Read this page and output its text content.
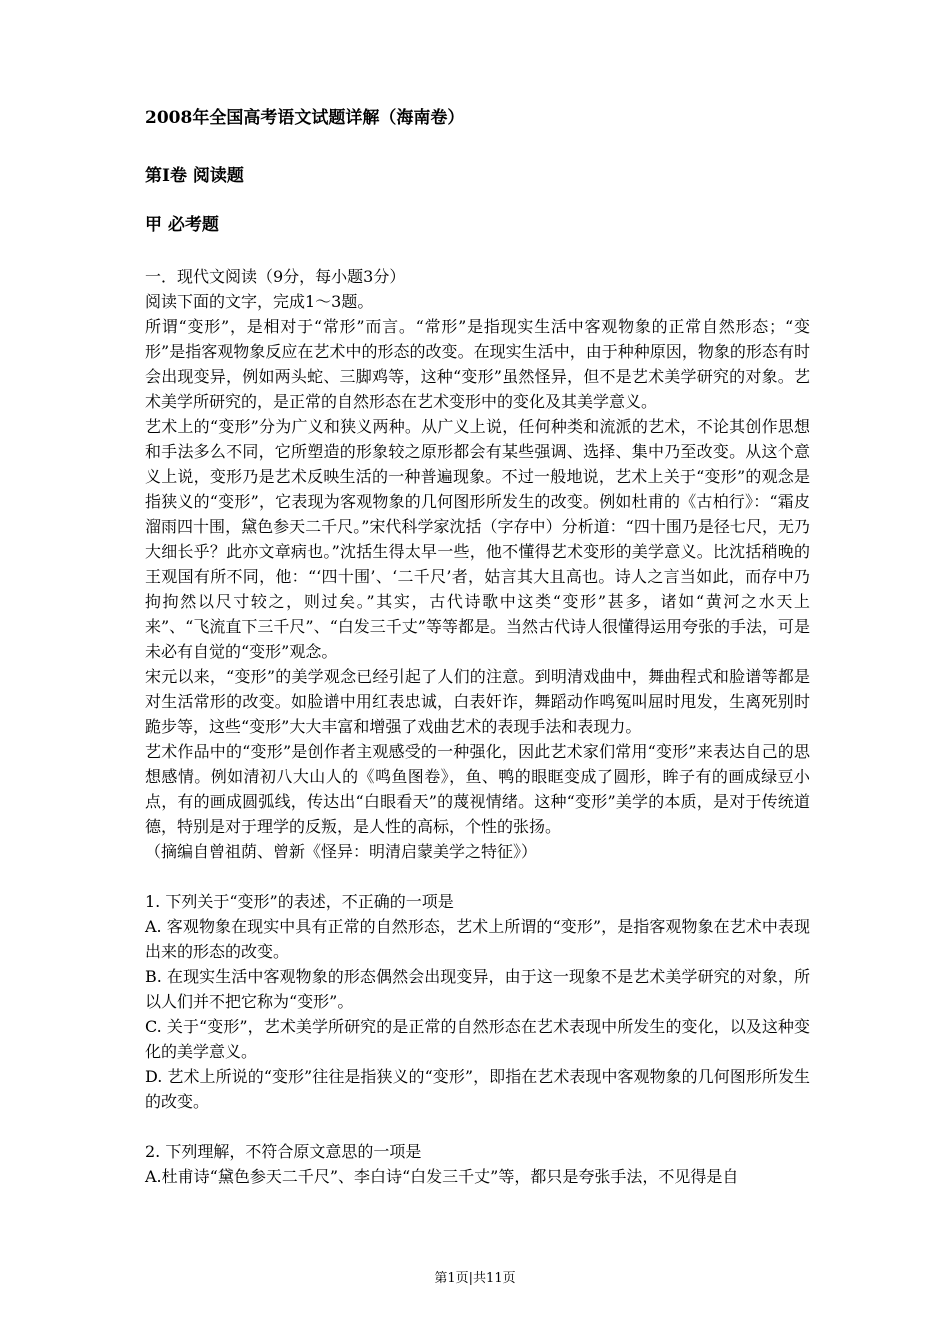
2008年全国高考语文试题详解（海南卷）
第Ⅰ卷 阅读题
甲 必考题

一．现代文阅读（9分，每小题3分）

阅读下面的文字，完成1～3题。

所谓“变形”，是相对于“常形”而言。“常形”是指现实生活中客观物象的正常自然形态；“变形”是指客观物象反应在艺术中的形态的改变。在现实生活中，由于种种原因，物象的形态有时会出现变异，例如两头蛇、三脚鸡等，这种“变形”虽然怪异，但不是艺术美学研究的对象。艺术美学所研究的，是正常的自然形态在艺术变形中的变化及其美学意义。

艺术上的“变形”分为广义和狭义两种。从广义上说，任何种类和流派的艺术，不论其创作思想和手法多么不同，它所塑造的形象较之原形都会有某些强调、选择、集中乃至改变。从这个意义上说，变形乃是艺术反映生活的一种普遍现象。不过一般地说，艺术上关于“变形”的观念是指狭义的“变形”，它表现为客观物象的几何图形所发生的改变。例如杜甫的《古柏行》：“霜皮溜雨四十围，黛色参天二千尺。”宋代科学家沈括（字存中）分析道：“四十围乃是径七尺，无乃大细长乎？此亦文章病也。”沈括生得太早一些，他不懂得艺术变形的美学意义。比沈括稍晚的王观国有所不同，他：“‘四十围’、‘二千尺’者，姑言其大且高也。诗人之言当如此，而存中乃拘拘然以尺寸较之，则过矣。”其实，古代诗歌中这类“变形”甚多，诸如“黄河之水天上来”、“飞流直下三千尺”、“白发三千丈”等等都是。当然古代诗人很懂得运用夸张的手法，可是未必有自觉的“变形”观念。

宋元以来，“变形”的美学观念已经引起了人们的注意。到明清戏曲中，舞曲程式和脸谱等都是对生活常形的改变。如脸谱中用红表忠诚，白表奸诈，舞蹈动作鸣冤叫屈时甩发，生离死别时跪步等，这些“变形”大大丰富和增强了戏曲艺术的表现手法和表现力。

艺术作品中的“变形”是创作者主观感受的一种强化，因此艺术家们常用“变形”来表达自己的思想感情。例如清初八大山人的《鸣鱼图卷》，鱼、鸭的眼眶变成了圆形，眸子有的画成绿豆小点，有的画成圆弧线，传达出“白眼看天”的蔑视情绪。这种“变形”美学的本质，是对于传统道德，特别是对于理学的反叛，是人性的高标，个性的张扬。

（摘编自曾祖荫、曾新《怪异：明清启蒙美学之特征》）

1. 下列关于“变形”的表述，不正确的一项是

A. 客观物象在现实中具有正常的自然形态，艺术上所谓的“变形”，是指客观物象在艺术中表现出来的形态的改变。

B. 在现实生活中客观物象的形态偶然会出现变异，由于这一现象不是艺术美学研究的对象，所以人们并不把它称为“变形”。

C. 关于“变形”，艺术美学所研究的是正常的自然形态在艺术表现中所发生的变化，以及这种变化的美学意义。

D. 艺术上所说的“变形”往往是指狭义的“变形”，即指在艺术表现中客观物象的几何图形所发生的改变。

2. 下列理解，不符合原文意思的一项是

A.杜甫诗“黛色参天二千尺”、李白诗“白发三千丈”等，都只是夸张手法，不见得是自

第1页|共11页
